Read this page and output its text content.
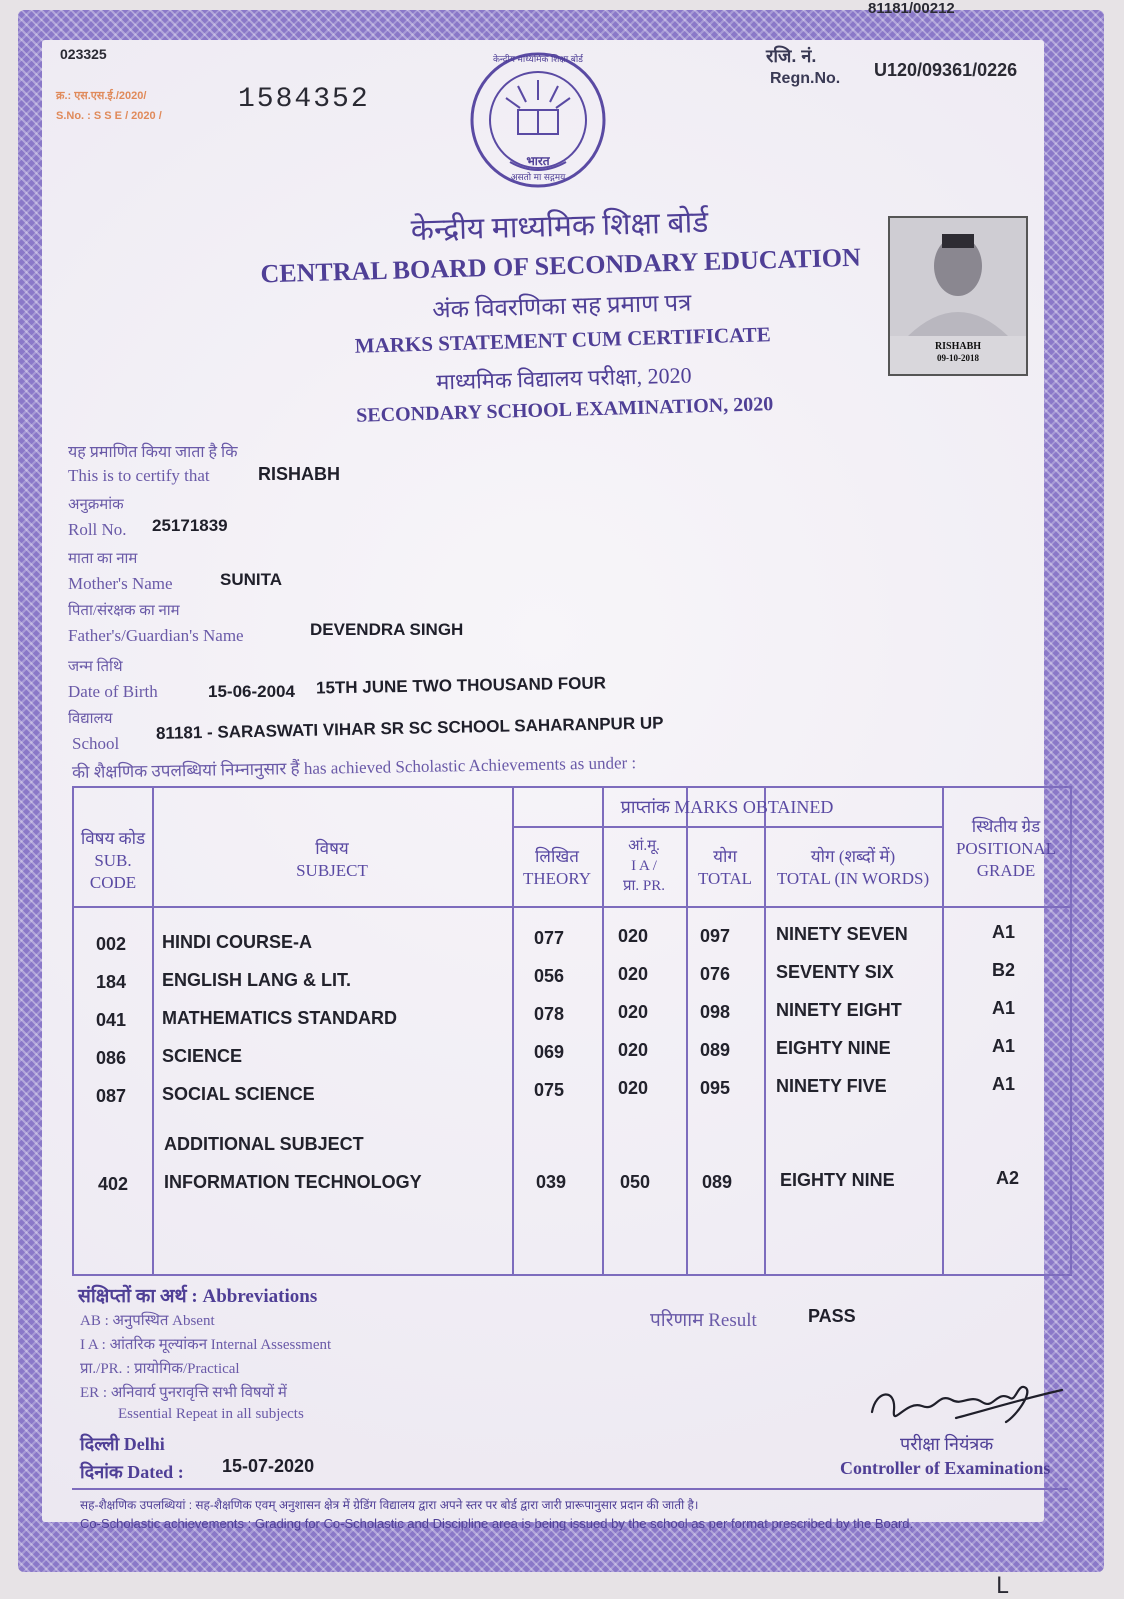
81181/00212
023325
क्र.: एस.एस.ई./2020/
S.No. : S S E / 2020 /
1584352
रजि. नं.
Regn.No. U120/09361/0226
केन्द्रीय माध्यमिक शिक्षा बोर्ड
भारत
असतो मा सद्गमय
केन्द्रीय माध्यमिक शिक्षा बोर्ड
CENTRAL BOARD OF SECONDARY EDUCATION
अंक विवरणिका सह प्रमाण पत्र
MARKS STATEMENT CUM CERTIFICATE
माध्यमिक विद्यालय परीक्षा, 2020
SECONDARY SCHOOL EXAMINATION, 2020
RISHABH
09-10-2018
यह प्रमाणित किया जाता है कि
This is to certify that	RISHABH
अनुक्रमांक
Roll No. 25171839
माता का नाम
Mother's Name	SUNITA
पिता/संरक्षक का नाम
Father's/Guardian's Name	DEVENDRA SINGH
जन्म तिथि
Date of Birth	15-06-2004 15TH JUNE TWO THOUSAND FOUR
विद्यालय
School
81181 - SARASWATI VIHAR SR SC SCHOOL SAHARANPUR UP
की शैक्षणिक उपलब्धियां निम्नानुसार हैं has achieved Scholastic Achievements as under :
विषय कोड
SUB.
CODE
विषय
SUBJECT
प्राप्तांक MARKS OBTAINED
लिखित
THEORY
आं.मू.
I A /
प्रा. PR.
योग
TOTAL
योग (शब्दों में)
TOTAL (IN WORDS)
स्थितीय ग्रेड
POSITIONAL
GRADE
002 HINDI COURSE-A	077	020	097	NINETY SEVEN	A1
184 ENGLISH LANG & LIT.	056	020	076	SEVENTY SIX	B2
041 MATHEMATICS STANDARD	078	020	098	NINETY EIGHT	A1
086 SCIENCE	069	020	089	EIGHTY NINE	A1
087 SOCIAL SCIENCE	075	020	095	NINETY FIVE	A1
ADDITIONAL SUBJECT
402 INFORMATION TECHNOLOGY	039	050	089	EIGHTY NINE	A2
संक्षिप्तों का अर्थ : Abbreviations
AB : अनुपस्थित Absent
I A : आंतरिक मूल्यांकन Internal Assessment
प्रा./PR. : प्रायोगिक/Practical
ER : अनिवार्य पुनरावृत्ति सभी विषयों में
Essential Repeat in all subjects
परिणाम Result	PASS
दिल्ली Delhi
दिनांक Dated : 15-07-2020
परीक्षा नियंत्रक
Controller of Examinations
सह-शैक्षणिक उपलब्धियां : सह-शैक्षणिक एवम् अनुशासन क्षेत्र में ग्रेडिंग विद्यालय द्वारा अपने स्तर पर बोर्ड द्वारा जारी प्रारूपानुसार प्रदान की जाती है।
Co-Scholastic achievements : Grading for Co-Scholastic and Discipline area is being issued by the school as per format prescribed by the Board.
L
